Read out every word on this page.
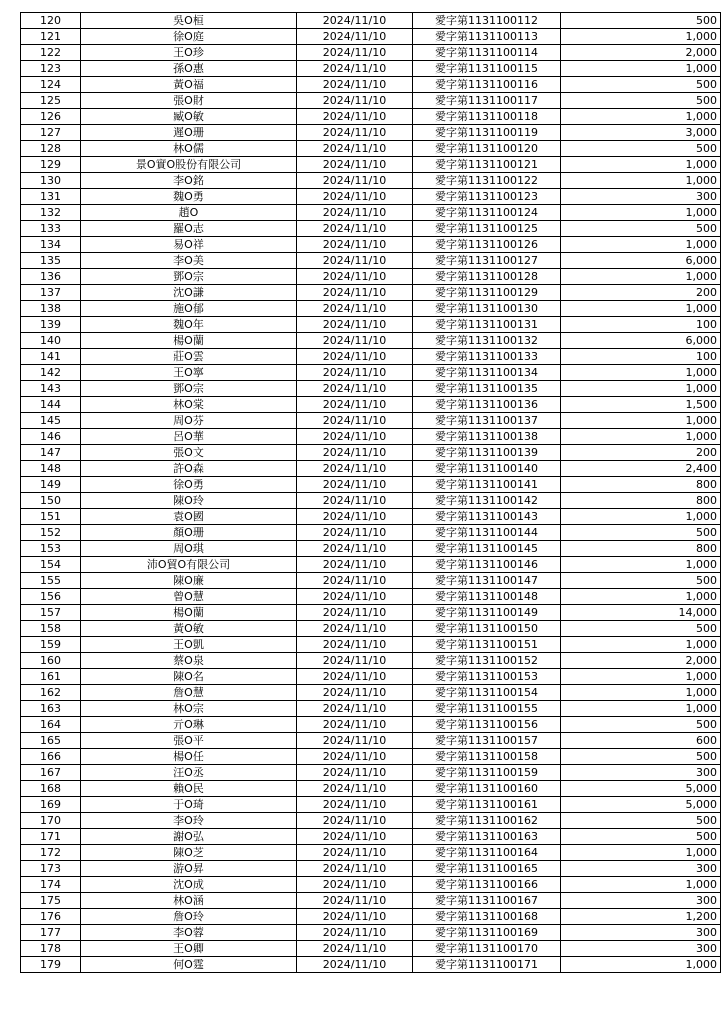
120	吳O桓	2024/11/10	愛字第1131100112	500
121	徐O庭	2024/11/10	愛字第1131100113	1,000
122	王O珍	2024/11/10	愛字第1131100114	2,000
123	孫O惠	2024/11/10	愛字第1131100115	1,000
124	黃O福	2024/11/10	愛字第1131100116	500
125	張O財	2024/11/10	愛字第1131100117	500
126	臧O敏	2024/11/10	愛字第1131100118	1,000
127	遲O珊	2024/11/10	愛字第1131100119	3,000
128	林O儒	2024/11/10	愛字第1131100120	500
129	景O實O股份有限公司	2024/11/10	愛字第1131100121	1,000
130	李O銘	2024/11/10	愛字第1131100122	1,000
131	魏O勇	2024/11/10	愛字第1131100123	300
132	趙O	2024/11/10	愛字第1131100124	1,000
133	羅O志	2024/11/10	愛字第1131100125	500
134	易O祥	2024/11/10	愛字第1131100126	1,000
135	李O美	2024/11/10	愛字第1131100127	6,000
136	鄧O宗	2024/11/10	愛字第1131100128	1,000
137	沈O謙	2024/11/10	愛字第1131100129	200
138	施O郁	2024/11/10	愛字第1131100130	1,000
139	魏O年	2024/11/10	愛字第1131100131	100
140	楊O蘭	2024/11/10	愛字第1131100132	6,000
141	莊O雲	2024/11/10	愛字第1131100133	100
142	王O寧	2024/11/10	愛字第1131100134	1,000
143	鄧O宗	2024/11/10	愛字第1131100135	1,000
144	林O棠	2024/11/10	愛字第1131100136	1,500
145	周O芬	2024/11/10	愛字第1131100137	1,000
146	呂O華	2024/11/10	愛字第1131100138	1,000
147	張O文	2024/11/10	愛字第1131100139	200
148	許O森	2024/11/10	愛字第1131100140	2,400
149	徐O勇	2024/11/10	愛字第1131100141	800
150	陳O玲	2024/11/10	愛字第1131100142	800
151	袁O國	2024/11/10	愛字第1131100143	1,000
152	顏O珊	2024/11/10	愛字第1131100144	500
153	周O琪	2024/11/10	愛字第1131100145	800
154	沛O貿O有限公司	2024/11/10	愛字第1131100146	1,000
155	陳O廉	2024/11/10	愛字第1131100147	500
156	曾O慧	2024/11/10	愛字第1131100148	1,000
157	楊O蘭	2024/11/10	愛字第1131100149	14,000
158	黃O敏	2024/11/10	愛字第1131100150	500
159	王O凱	2024/11/10	愛字第1131100151	1,000
160	蔡O泉	2024/11/10	愛字第1131100152	2,000
161	陳O名	2024/11/10	愛字第1131100153	1,000
162	詹O慧	2024/11/10	愛字第1131100154	1,000
163	林O宗	2024/11/10	愛字第1131100155	1,000
164	亓O琳	2024/11/10	愛字第1131100156	500
165	張O平	2024/11/10	愛字第1131100157	600
166	楊O任	2024/11/10	愛字第1131100158	500
167	汪O丞	2024/11/10	愛字第1131100159	300
168	賴O民	2024/11/10	愛字第1131100160	5,000
169	于O琦	2024/11/10	愛字第1131100161	5,000
170	李O玲	2024/11/10	愛字第1131100162	500
171	謝O弘	2024/11/10	愛字第1131100163	500
172	陳O芝	2024/11/10	愛字第1131100164	1,000
173	游O昇	2024/11/10	愛字第1131100165	300
174	沈O成	2024/11/10	愛字第1131100166	1,000
175	林O涵	2024/11/10	愛字第1131100167	300
176	詹O玲	2024/11/10	愛字第1131100168	1,200
177	李O蓉	2024/11/10	愛字第1131100169	300
178	王O卿	2024/11/10	愛字第1131100170	300
179	何O霆	2024/11/10	愛字第1131100171	1,000
